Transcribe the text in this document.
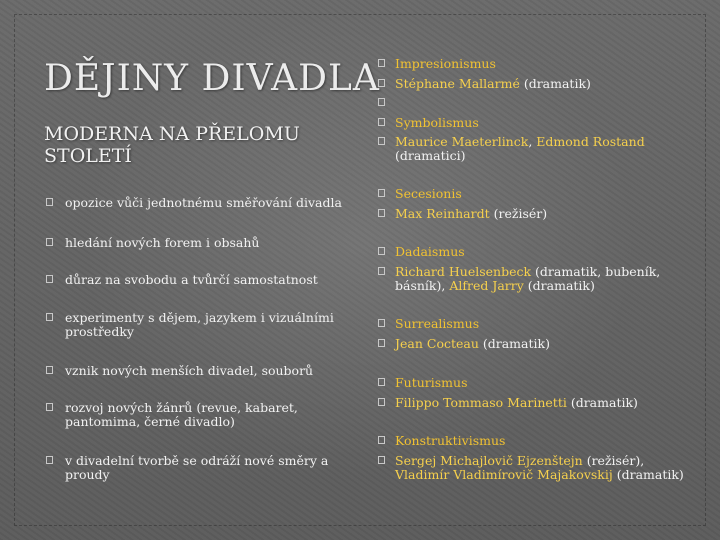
DĚJINY DIVADLA
MODERNA NA PŘELOMU STOLETÍ
opozice vůči jednotnému směřování divadla
hledání nových forem i obsahů
důraz na svobodu a tvůrčí samostatnost
experimenty s dějem, jazykem i vizuálními prostředky
vznik nových menších divadel, souborů
rozvoj nových žánrů (revue, kabaret, pantomima, černé divadlo)
v divadelní tvorbě se odráží nové směry a proudy
Impresionismus
Stéphane Mallarmé (dramatik)
Symbolismus
Maurice Maeterlinck, Edmond Rostand
(dramatici)
Secesionis
Max Reinhardt (režisér)
Dadaismus
Richard Huelsenbeck (dramatik, bubeník,
básník), Alfred Jarry (dramatik)
Surrealismus
Jean Cocteau (dramatik)
Futurismus
Filippo Tommaso Marinetti (dramatik)
Konstruktivismus
Sergej Michajlovič Ejzenštejn (režisér),
Vladimír Vladimírovič Majakovskij (dramatik)
